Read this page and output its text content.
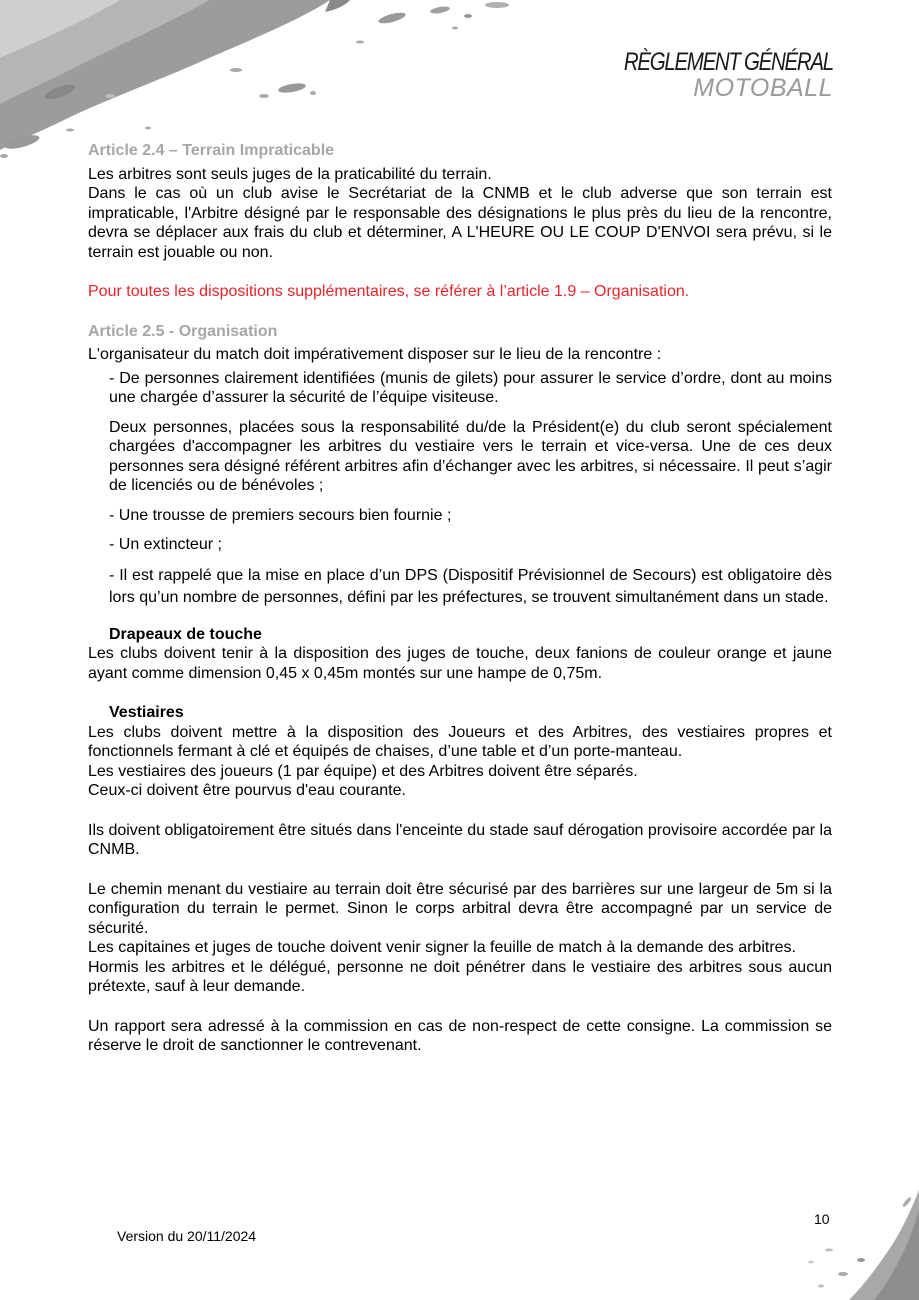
RÈGLEMENT GÉNÉRAL
MOTOBALL
Article 2.4 – Terrain Impraticable

Les arbitres sont seuls juges de la praticabilité du terrain.

Dans le cas où un club avise le Secrétariat de la CNMB et le club adverse que son terrain est impraticable, l'Arbitre désigné par le responsable des désignations le plus près du lieu de la rencontre, devra se déplacer aux frais du club et déterminer, A L'HEURE OU LE COUP D'ENVOI sera prévu, si le terrain est jouable ou non.

Pour toutes les dispositions supplémentaires, se référer à l’article 1.9 – Organisation.

Article 2.5 - Organisation

L'organisateur du match doit impérativement disposer sur le lieu de la rencontre :

- De personnes clairement identifiées (munis de gilets) pour assurer le service d’ordre, dont au moins une chargée d’assurer la sécurité de l’équipe visiteuse.

Deux personnes, placées sous la responsabilité du/de la Président(e) du club seront spécialement chargées d'accompagner les arbitres du vestiaire vers le terrain et vice-versa. Une de ces deux personnes sera désigné référent arbitres afin d’échanger avec les arbitres, si nécessaire. Il peut s’agir de licenciés ou de bénévoles ;

- Une trousse de premiers secours bien fournie ;

- Un extincteur ;

- Il est rappelé que la mise en place d’un DPS (Dispositif Prévisionnel de Secours) est obligatoire dès lors qu’un nombre de personnes, défini par les préfectures, se trouvent simultanément dans un stade.

Drapeaux de touche

Les clubs doivent tenir à la disposition des juges de touche, deux fanions de couleur orange et jaune ayant comme dimension 0,45 x 0,45m montés sur une hampe de 0,75m.

Vestiaires

Les clubs doivent mettre à la disposition des Joueurs et des Arbitres, des vestiaires propres et fonctionnels fermant à clé et équipés de chaises, d’une table et d’un porte-manteau.

Les vestiaires des joueurs (1 par équipe) et des Arbitres doivent être séparés.

Ceux-ci doivent être pourvus d'eau courante.

Ils doivent obligatoirement être situés dans l'enceinte du stade sauf dérogation provisoire accordée par la CNMB.

Le chemin menant du vestiaire au terrain doit être sécurisé par des barrières sur une largeur de 5m si la configuration du terrain le permet. Sinon le corps arbitral devra être accompagné par un service de sécurité.

Les capitaines et juges de touche doivent venir signer la feuille de match à la demande des arbitres.

Hormis les arbitres et le délégué, personne ne doit pénétrer dans le vestiaire des arbitres sous aucun prétexte, sauf à leur demande.

Un rapport sera adressé à la commission en cas de non-respect de cette consigne. La commission se réserve le droit de sanctionner le contrevenant.

Version du 20/11/2024
10
